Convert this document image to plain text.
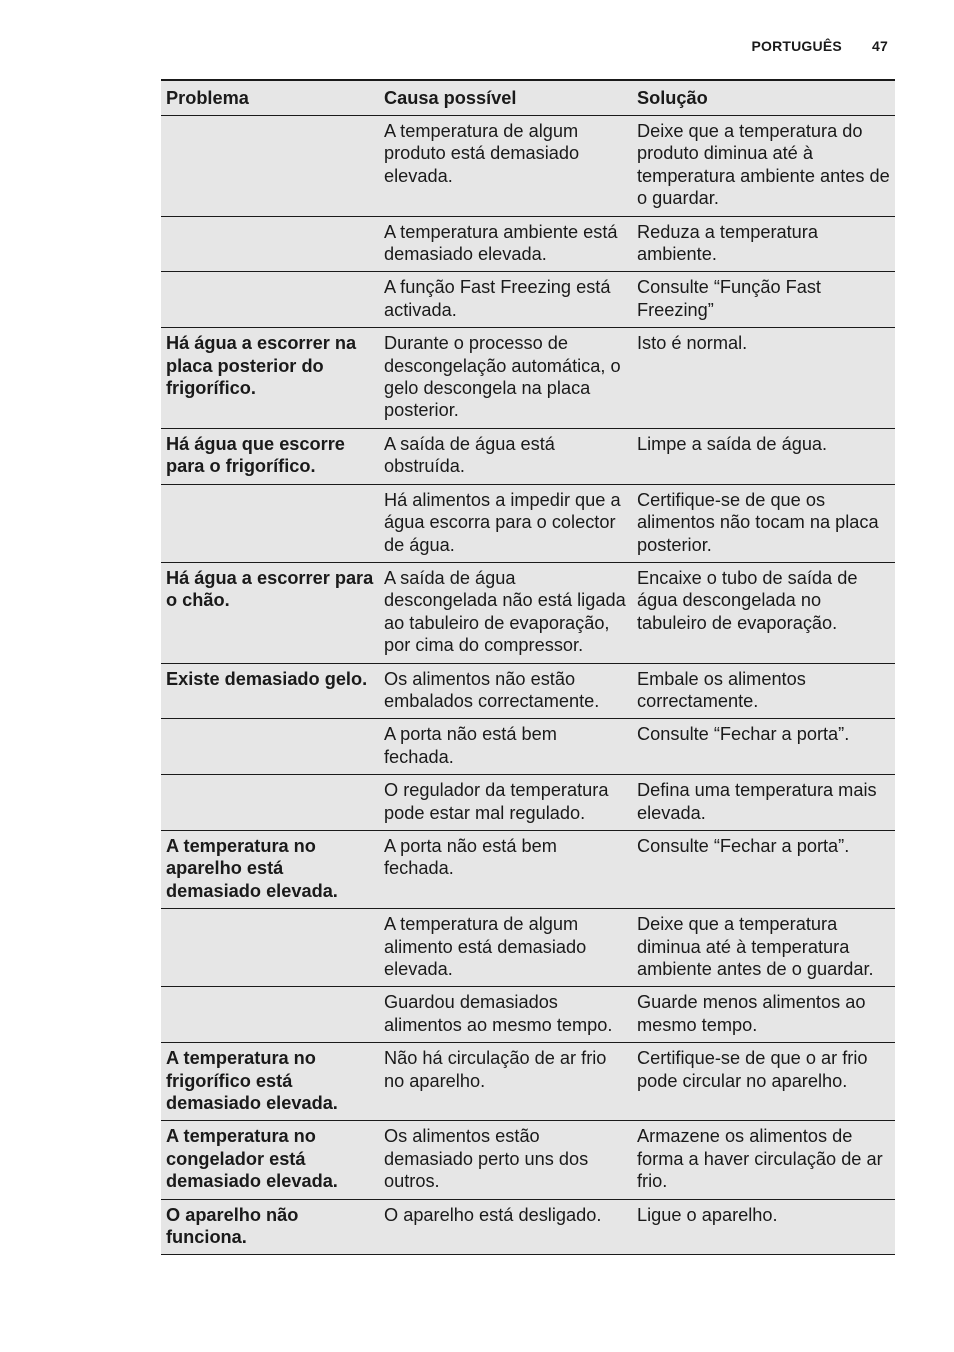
PORTUGUÊS 47
Problema	Causa possível	Solução
	A temperatura de algum produto está demasiado elevada.	Deixe que a temperatura do produto diminua até à temperatura ambiente antes de o guardar.
	A temperatura ambiente está demasiado elevada.	Reduza a temperatura ambiente.
	A função Fast Freezing está activada.	Consulte “Função Fast Freezing”
Há água a escorrer na placa posterior do frigorífico.	Durante o processo de descongelação automática, o gelo descongela na placa posterior.	Isto é normal.
Há água que escorre para o frigorífico.	A saída de água está obstruída.	Limpe a saída de água.
	Há alimentos a impedir que a água escorra para o colector de água.	Certifique-se de que os alimentos não tocam na placa posterior.
Há água a escorrer para o chão.	A saída de água descongelada não está ligada ao tabuleiro de evaporação, por cima do compressor.	Encaixe o tubo de saída de água descongelada no tabuleiro de evaporação.
Existe demasiado gelo.	Os alimentos não estão embalados correctamente.	Embale os alimentos correctamente.
	A porta não está bem fechada.	Consulte “Fechar a porta”.
	O regulador da temperatura pode estar mal regulado.	Defina uma temperatura mais elevada.
A temperatura no aparelho está demasiado elevada.	A porta não está bem fechada.	Consulte “Fechar a porta”.
	A temperatura de algum alimento está demasiado elevada.	Deixe que a temperatura diminua até à temperatura ambiente antes de o guardar.
	Guardou demasiados alimentos ao mesmo tempo.	Guarde menos alimentos ao mesmo tempo.
A temperatura no frigorífico está demasiado elevada.	Não há circulação de ar frio no aparelho.	Certifique-se de que o ar frio pode circular no aparelho.
A temperatura no congelador está demasiado elevada.	Os alimentos estão demasiado perto uns dos outros.	Armazene os alimentos de forma a haver circulação de ar frio.
O aparelho não funciona.	O aparelho está desligado.	Ligue o aparelho.
